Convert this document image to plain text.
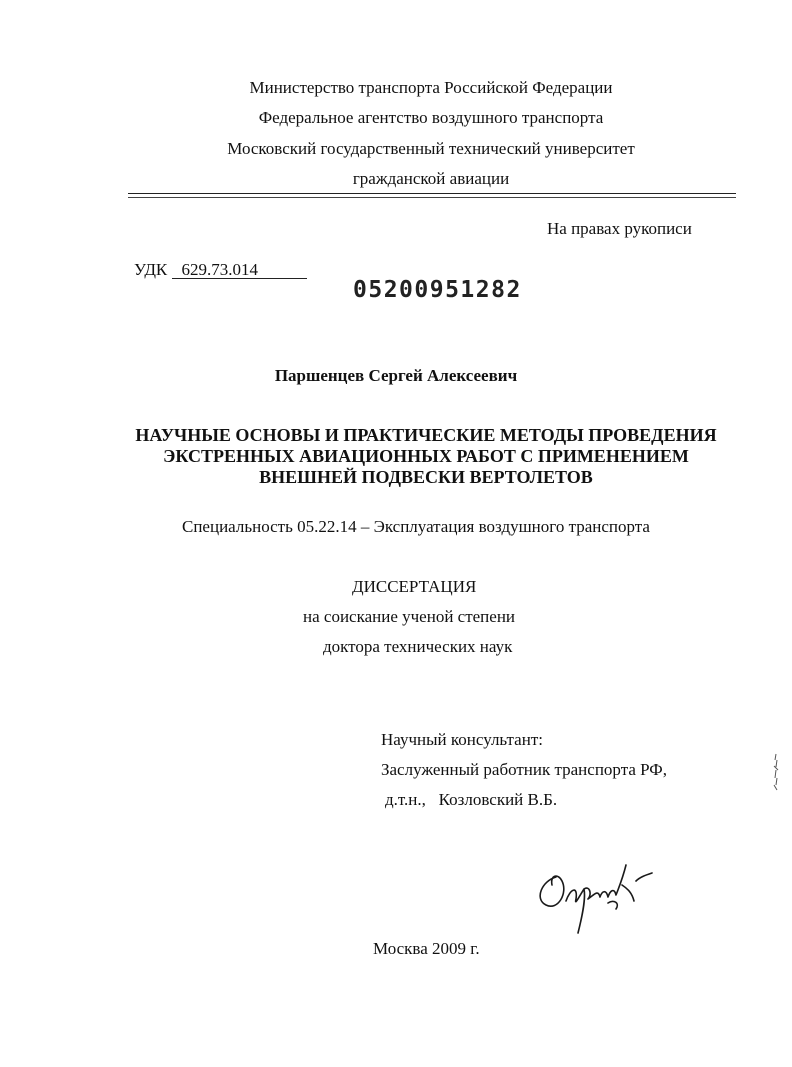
Министерство транспорта Российской Федерации
Федеральное агентство воздушного транспорта
Московский государственный технический университет
гражданской авиации
На правах рукописи
УДК 629.73.014
05200951282
Паршенцев Сергей Алексеевич
НАУЧНЫЕ ОСНОВЫ И ПРАКТИЧЕСКИЕ МЕТОДЫ ПРОВЕДЕНИЯ
ЭКСТРЕННЫХ АВИАЦИОННЫХ РАБОТ С ПРИМЕНЕНИЕМ
ВНЕШНЕЙ ПОДВЕСКИ ВЕРТОЛЕТОВ
Специальность 05.22.14 – Эксплуатация воздушного транспорта
ДИССЕРТАЦИЯ
на соискание ученой степени
доктора технических наук
Научный консультант:
Заслуженный работник транспорта РФ,
д.т.н., Козловский В.Б.
Москва 2009 г.
